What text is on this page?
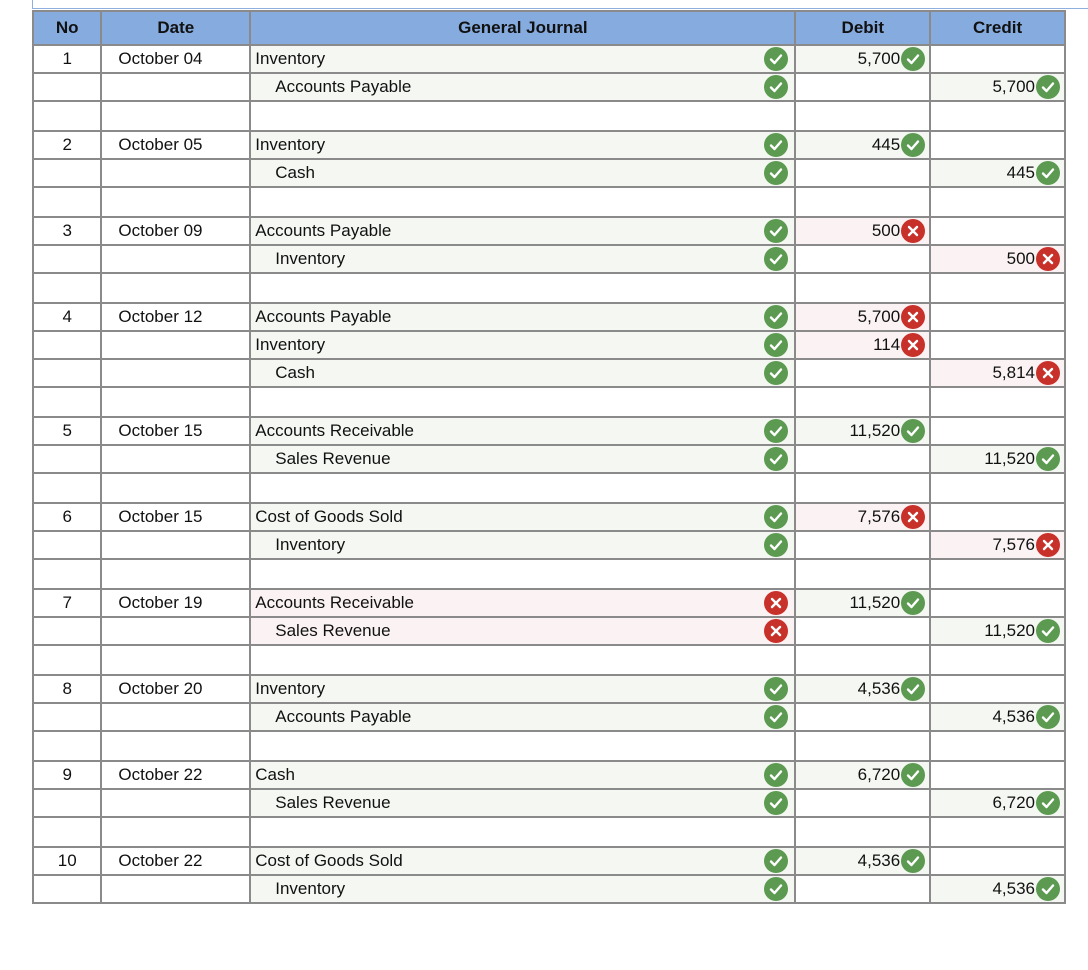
No	Date	General Journal	Debit	Credit
1	October 04	Inventory	5,700	

		Accounts Payable		5,700

2	October 05	Inventory	445	

		Cash		445

3	October 09	Accounts Payable	500	

		Inventory		500

4	October 12	Accounts Payable	5,700	

		Inventory	114	

		Cash		5,814

5	October 15	Accounts Receivable	11,520	

		Sales Revenue		11,520

6	October 15	Cost of Goods Sold	7,576	

		Inventory		7,576

7	October 19	Accounts Receivable	11,520	

		Sales Revenue		11,520

8	October 20	Inventory	4,536	

		Accounts Payable		4,536

9	October 22	Cash	6,720	

		Sales Revenue		6,720

10	October 22	Cost of Goods Sold	4,536	

		Inventory		4,536
